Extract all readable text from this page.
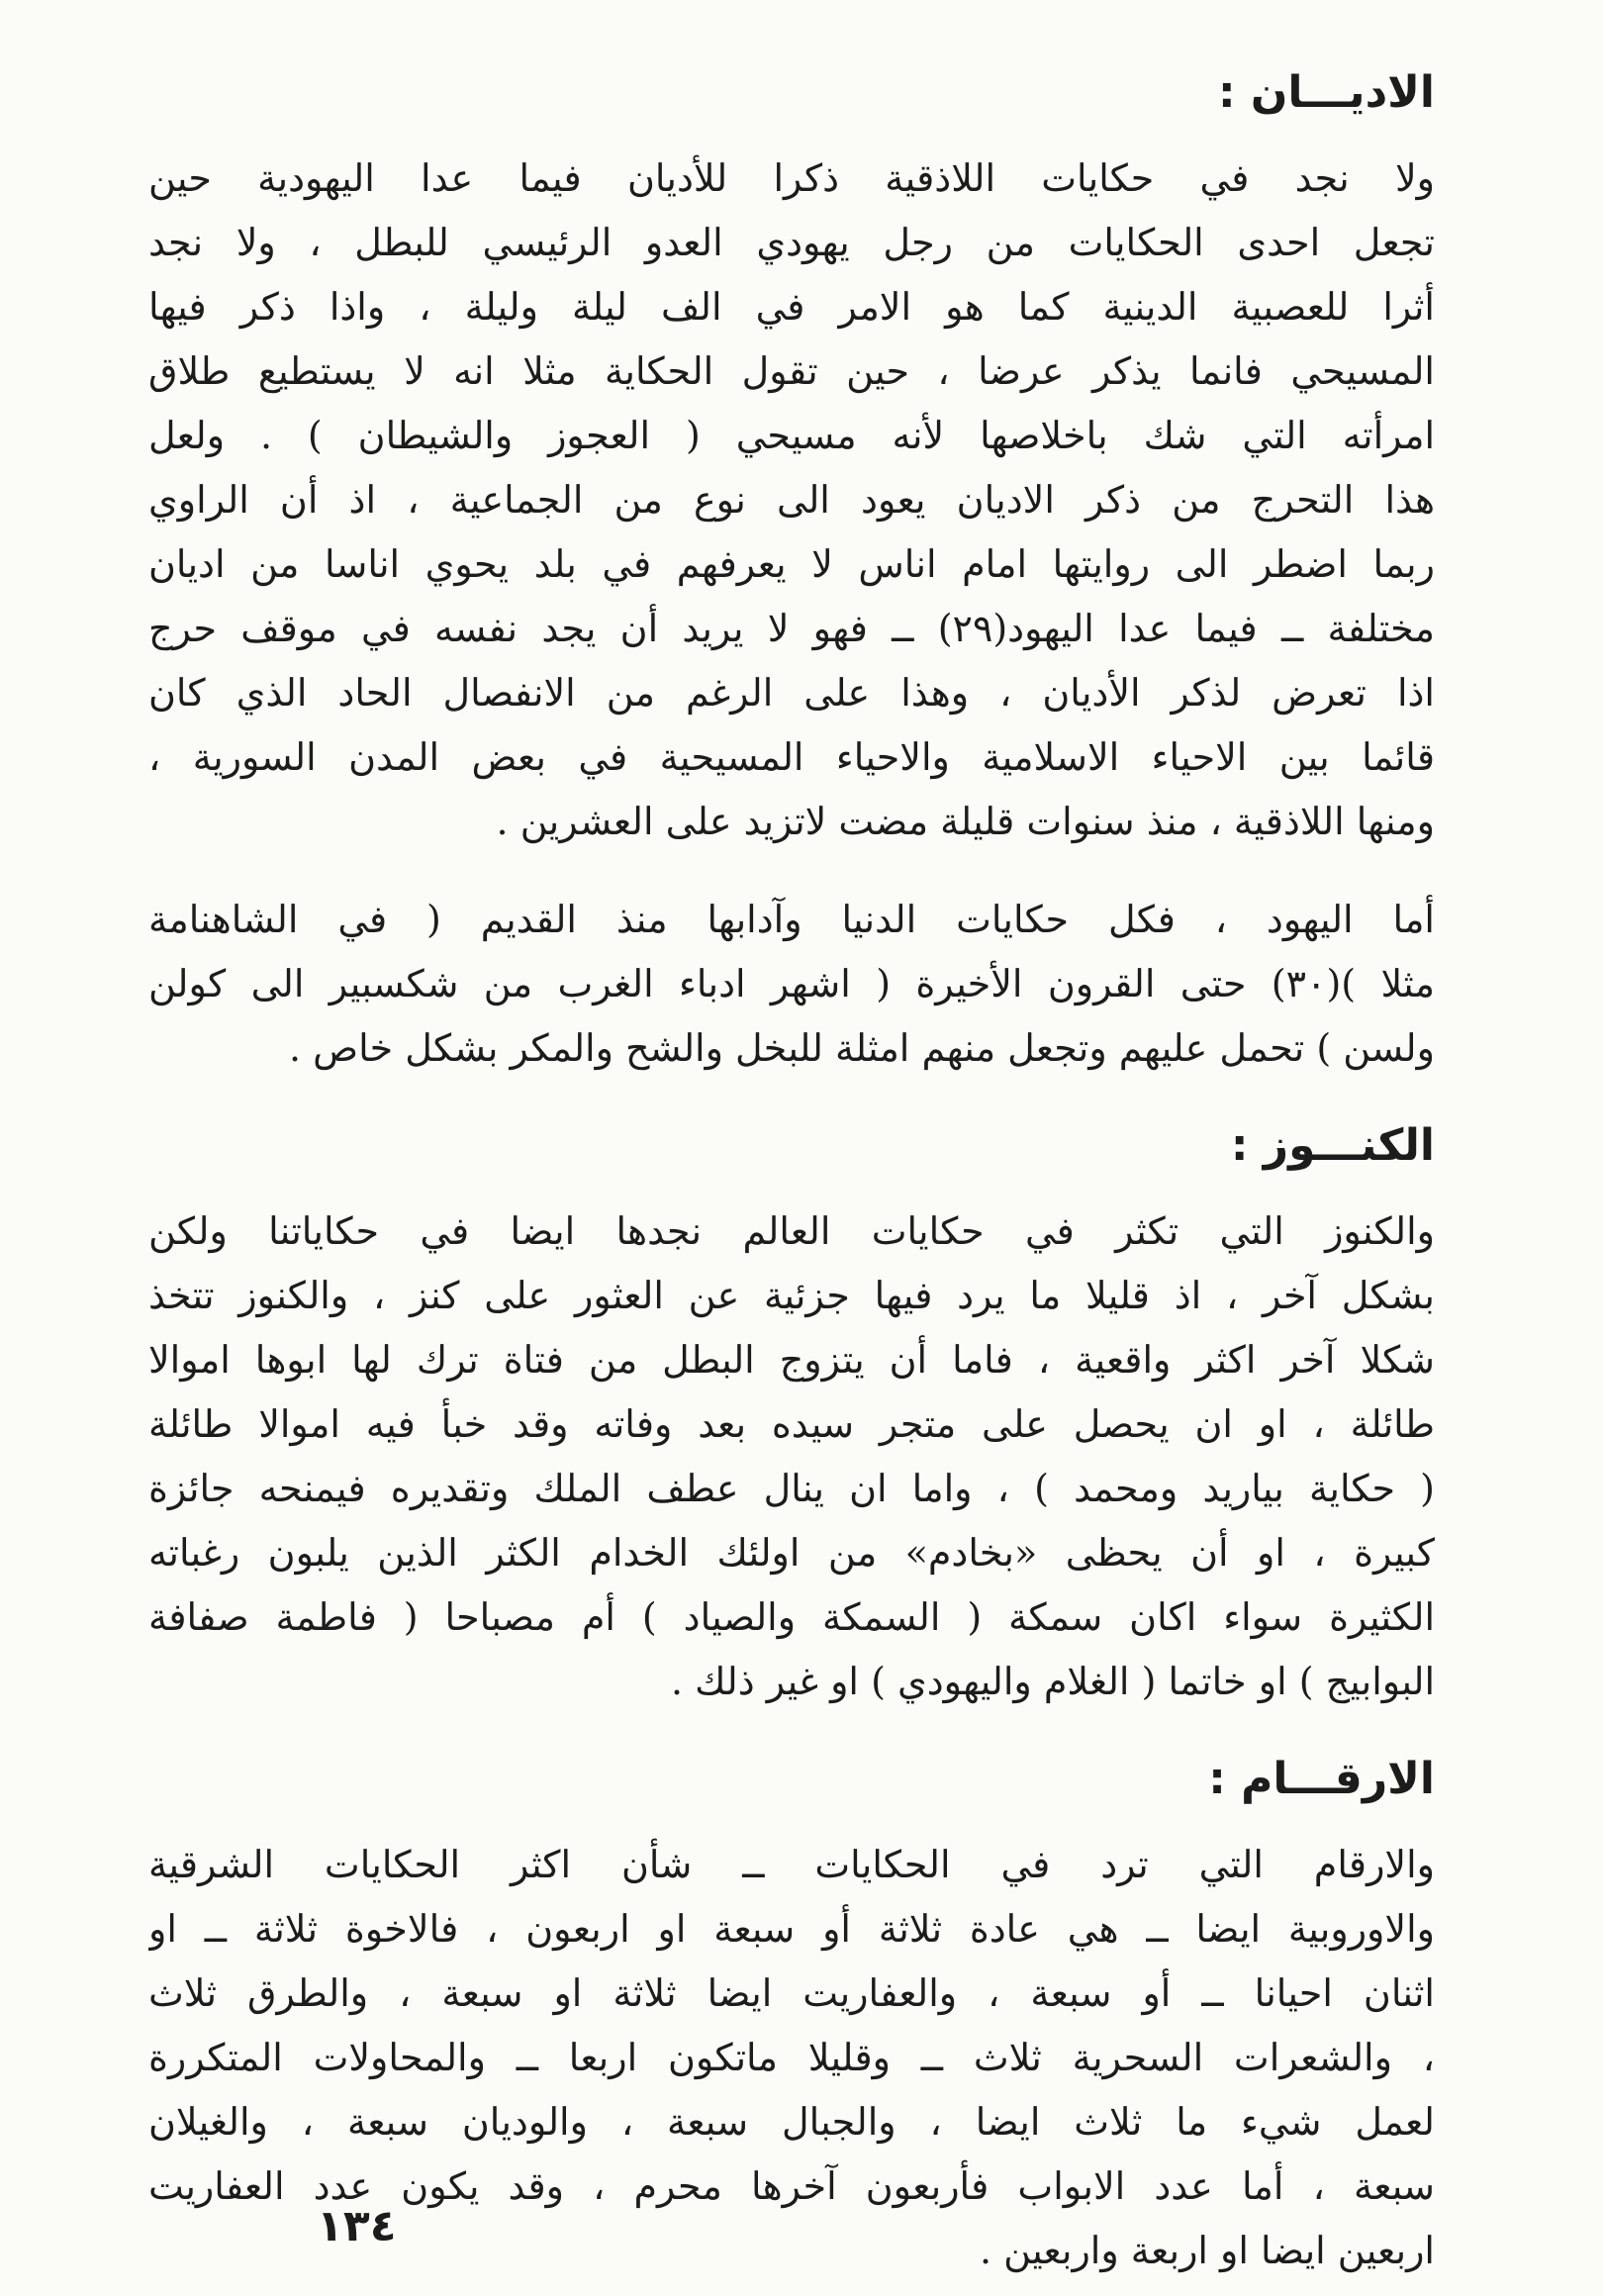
الاديـــان :
ولا نجد في حكايات اللاذقية ذكرا للأديان فيما عدا اليهودية حين
تجعل احدى الحكايات من رجل يهودي العدو الرئيسي للبطل ، ولا نجد
أثرا للعصبية الدينية كما هو الامر في الف ليلة وليلة ، واذا ذكر فيها
المسيحي فانما يذكر عرضا ، حين تقول الحكاية مثلا انه لا يستطيع طلاق
امرأته التي شك باخلاصها لأنه مسيحي ( العجوز والشيطان ) . ولعل
هذا التحرج من ذكر الاديان يعود الى نوع من الجماعية ، اذ أن الراوي
ربما اضطر الى روايتها امام اناس لا يعرفهم في بلد يحوي اناسا من اديان
مختلفة ــ فيما عدا اليهود(٢٩) ــ فهو لا يريد أن يجد نفسه في موقف حرج
اذا تعرض لذكر الأديان ، وهذا على الرغم من الانفصال الحاد الذي كان
قائما بين الاحياء الاسلامية والاحياء المسيحية في بعض المدن السورية ،
ومنها اللاذقية ، منذ سنوات قليلة مضت لاتزيد على العشرين .
أما اليهود ، فكل حكايات الدنيا وآدابها منذ القديم ( في الشاهنامة
مثلا )(٣٠) حتى القرون الأخيرة ( اشهر ادباء الغرب من شكسبير الى كولن
ولسن ) تحمل عليهم وتجعل منهم امثلة للبخل والشح والمكر بشكل خاص .
الكنـــوز :
والكنوز التي تكثر في حكايات العالم نجدها ايضا في حكاياتنا ولكن
بشكل آخر ، اذ قليلا ما يرد فيها جزئية عن العثور على كنز ، والكنوز تتخذ
شكلا آخر اكثر واقعية ، فاما أن يتزوج البطل من فتاة ترك لها ابوها اموالا
طائلة ، او ان يحصل على متجر سيده بعد وفاته وقد خبأ فيه اموالا طائلة
( حكاية بياريد ومحمد ) ، واما ان ينال عطف الملك وتقديره فيمنحه جائزة
كبيرة ، او أن يحظى «بخادم» من اولئك الخدام الكثر الذين يلبون رغباته
الكثيرة سواء اكان سمكة ( السمكة والصياد ) أم مصباحا ( فاطمة صفافة
البوابيج ) او خاتما ( الغلام واليهودي ) او غير ذلك .
الارقـــام :
والارقام التي ترد في الحكايات ــ شأن اكثر الحكايات الشرقية
والاوروبية ايضا ــ هي عادة ثلاثة أو سبعة او اربعون ، فالاخوة ثلاثة ــ او
اثنان احيانا ــ أو سبعة ، والعفاريت ايضا ثلاثة او سبعة ، والطرق ثلاث
، والشعرات السحرية ثلاث ــ وقليلا ماتكون اربعا ــ والمحاولات المتكررة
لعمل شيء ما ثلاث ايضا ، والجبال سبعة ، والوديان سبعة ، والغيلان
سبعة ، أما عدد الابواب فأربعون آخرها محرم ، وقد يكون عدد العفاريت
اربعين ايضا او اربعة واربعين .
١٣٤
